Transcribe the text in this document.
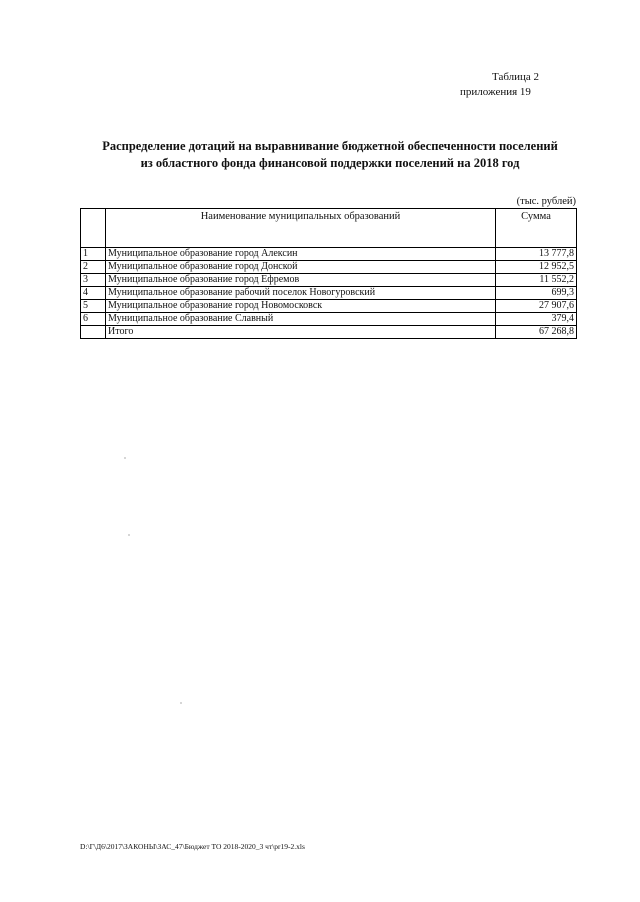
Таблица 2
приложения 19
Распределение дотаций на выравнивание бюджетной обеспеченности поселений
из областного фонда финансовой поддержки поселений на 2018 год
(тыс. рублей)
	Наименование муниципальных образований	Сумма
1	Муниципальное образование город Алексин	13 777,8
2	Муниципальное образование город Донской	12 952,5
3	Муниципальное образование город Ефремов	11 552,2
4	Муниципальное образование рабочий поселок Новогуровский	699,3
5	Муниципальное образование город Новомосковск	27 907,6
6	Муниципальное образование Славный	379,4
	Итого	67 268,8
D:\Г\Д6\2017\ЗАКОНЫ\ЗАС_47\Бюджет ТО 2018-2020_3 чт\pr19-2.xls
